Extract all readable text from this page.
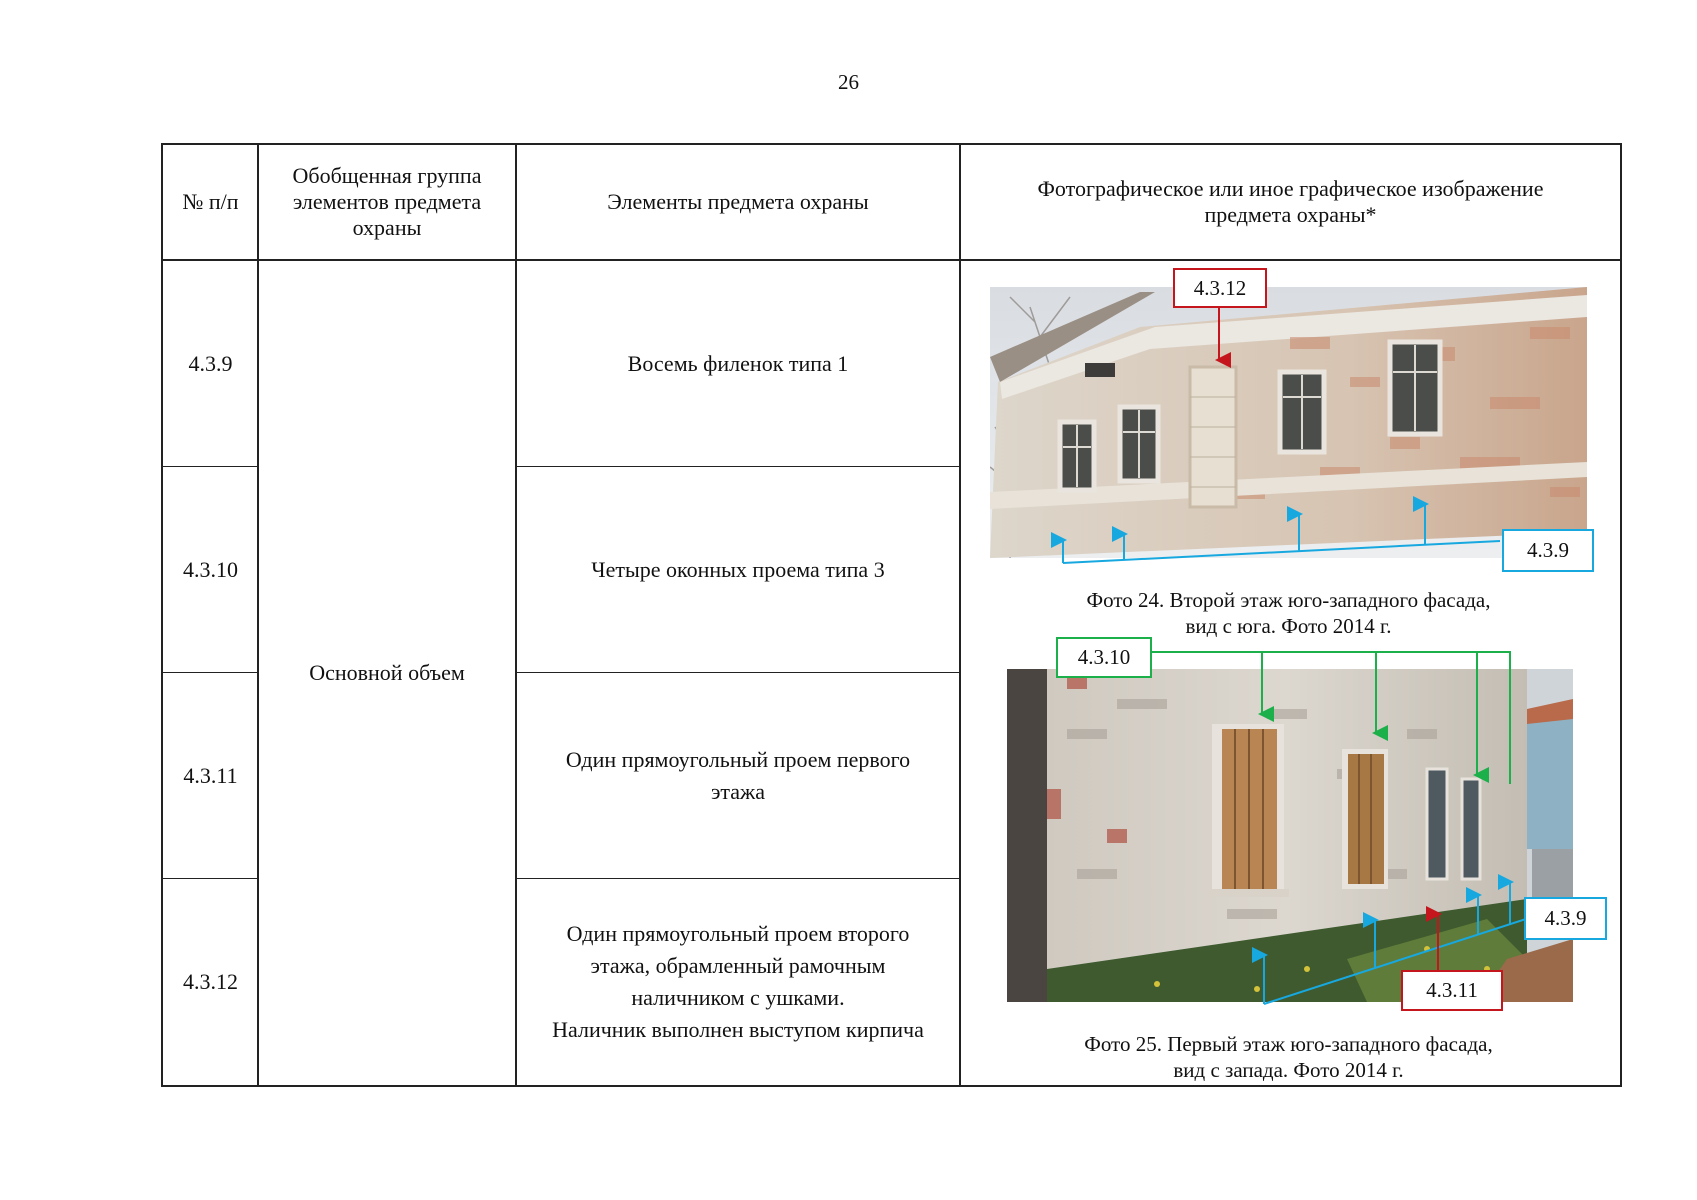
26
№ п/п
Обобщенная группа элементов предмета охраны
Элементы предмета охраны
Фотографическое или иное графическое изображение предмета охраны*
4.3.9
4.3.10
4.3.11
4.3.12
Основной объем
Восемь филенок типа 1
Четыре оконных проема типа 3
Один прямоугольный проем первого этажа
Один прямоугольный проем второго этажа, обрамленный рамочным наличником с ушками.
Наличник выполнен выступом кирпича
4.3.12
4.3.9
4.3.10
4.3.9
4.3.11
Фото 24. Второй этаж юго-западного фасада,
вид с юга. Фото 2014 г.
Фото 25. Первый этаж юго-западного фасада,
вид с запада. Фото 2014 г.
